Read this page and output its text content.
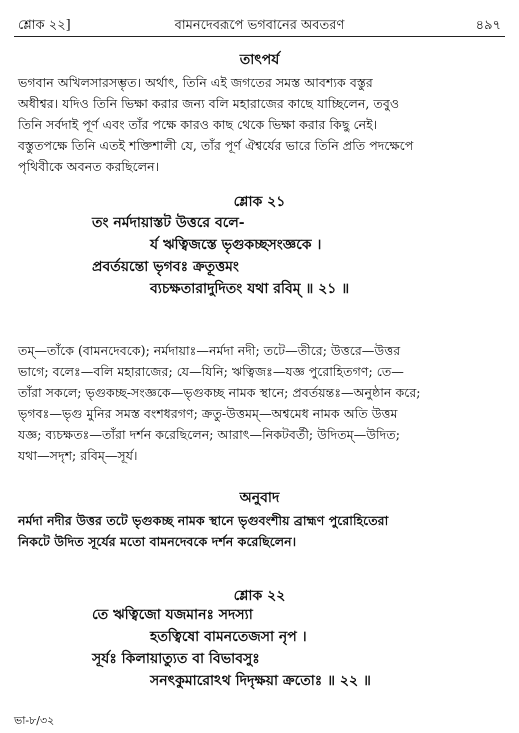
শ্লোক ২২]	বামনদেবরূপে ভগবানের অবতরণ	৪৯৭
তাৎপর্য
ভগবান অখিলসারসম্ভৃত। অর্থাৎ, তিনি এই জগতের সমস্ত আবশ্যক বস্তুর
অধীশ্বর। যদিও তিনি ভিক্ষা করার জন্য বলি মহারাজের কাছে যাচ্ছিলেন, তবুও
তিনি সর্বদাই পূর্ণ এবং তাঁর পক্ষে কারও কাছ থেকে ভিক্ষা করার কিছু নেই।
বস্তুতপক্ষে তিনি এতই শক্তিশালী যে, তাঁর পূর্ণ ঐশ্বর্যের ভারে তিনি প্রতি পদক্ষেপে
পৃথিবীকে অবনত করছিলেন।
শ্লোক ২১
তং নর্মদায়াস্তট উত্তরে বলে-
র্য ঋত্বিজস্তে ভৃগুকচ্ছসংজ্ঞকে ।
প্রবর্তয়ন্তো ভৃগবঃ ক্রতূত্তমং
ব্যচক্ষতারাদুদিতং যথা রবিম্ ॥ ২১ ॥
তম্—তাঁকে (বামনদেবকে); নর্মদায়াঃ—নর্মদা নদী; তটে—তীরে; উত্তরে—উত্তর
ভাগে; বলেঃ—বলি মহারাজের; যে—যিনি; ঋত্বিজঃ—যজ্ঞ পুরোহিতগণ; তে—
তাঁরা সকলে; ভৃগুকচ্ছ-সংজ্ঞকে—ভৃগুকচ্ছ নামক স্থানে; প্রবর্তয়ন্তঃ—অনুষ্ঠান করে;
ভৃগবঃ—ভৃগু মুনির সমস্ত বংশধরগণ; ক্রতু-উত্তমম্—অশ্বমেধ নামক অতি উত্তম
যজ্ঞ; ব্যচক্ষতঃ—তাঁরা দর্শন করেছিলেন; আরাৎ—নিকটবর্তী; উদিতম্—উদিত;
যথা—সদৃশ; রবিম্—সূর্য।
অনুবাদ
নর্মদা নদীর উত্তর তটে ভৃগুকচ্ছ নামক স্থানে ভৃগুবংশীয় ব্রাহ্মণ পুরোহিতেরা
নিকটে উদিত সূর্যের মতো বামনদেবকে দর্শন করেছিলেন।
শ্লোক ২২
তে ঋত্বিজো যজমানঃ সদস্যা
হতত্বিষো বামনতেজসা নৃপ ।
সূর্যঃ কিলায়াত্যুত বা বিভাবসুঃ
সনৎকুমারোঽথ দিদৃক্ষয়া ক্রতোঃ ॥ ২২ ॥
ভা-৮/৩২
